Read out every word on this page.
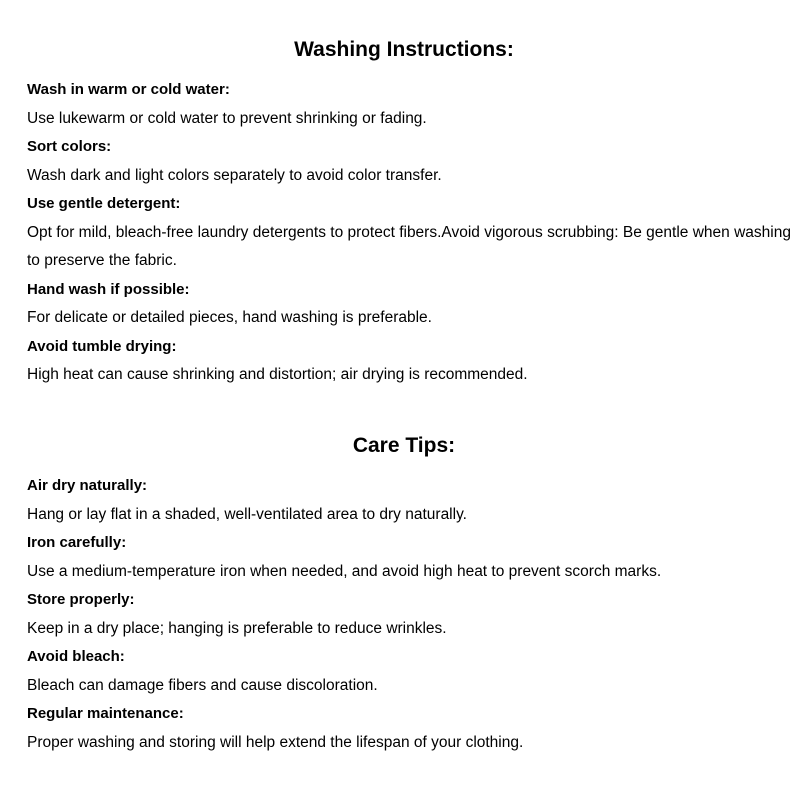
Washing Instructions:
Wash in warm or cold water:
Use lukewarm or cold water to prevent shrinking or fading.
Sort colors:
Wash dark and light colors separately to avoid color transfer.
Use gentle detergent:
Opt for mild, bleach-free laundry detergents to protect fibers.Avoid vigorous scrubbing: Be gentle when washing to preserve the fabric.
Hand wash if possible:
For delicate or detailed pieces, hand washing is preferable.
Avoid tumble drying:
High heat can cause shrinking and distortion; air drying is recommended.
Care Tips:
Air dry naturally:
Hang or lay flat in a shaded, well-ventilated area to dry naturally.
Iron carefully:
Use a medium-temperature iron when needed, and avoid high heat to prevent scorch marks.
Store properly:
Keep in a dry place; hanging is preferable to reduce wrinkles.
Avoid bleach:
Bleach can damage fibers and cause discoloration.
Regular maintenance:
Proper washing and storing will help extend the lifespan of your clothing.
